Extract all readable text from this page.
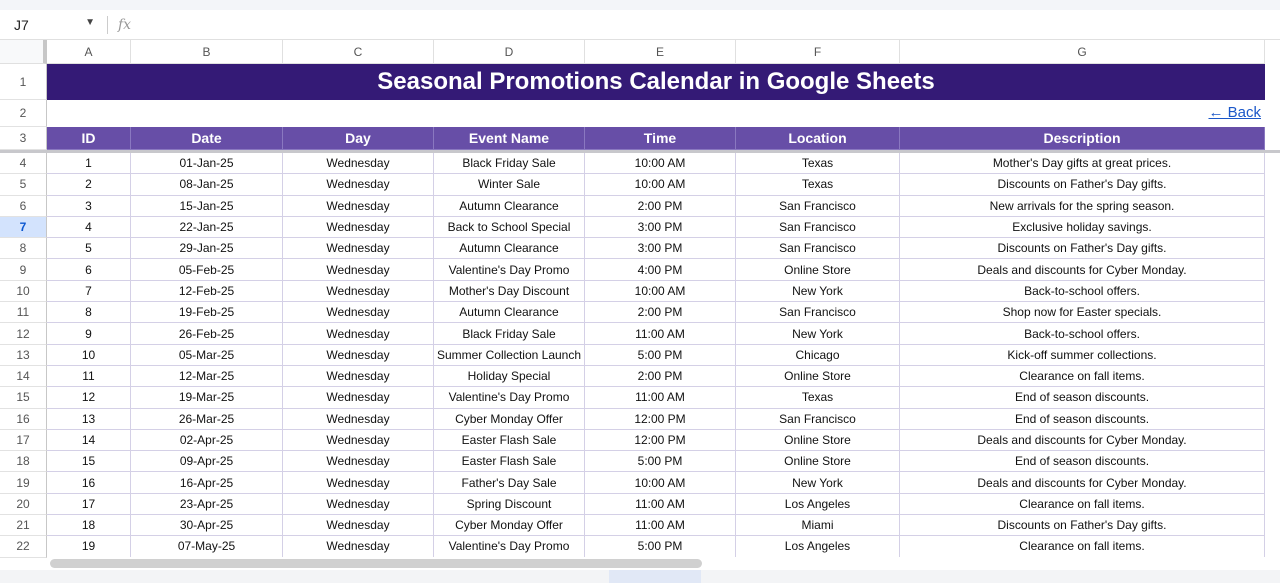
J7	▼ fx
A	B	C	D	E	F	G
1	Seasonal Promotions Calendar in Google Sheets
2	← Back
3	ID	Date	Day	Event Name	Time	Location	Description
4	1	01-Jan-25	Wednesday	Black Friday Sale	10:00 AM	Texas	Mother's Day gifts at great prices.
5	2	08-Jan-25	Wednesday	Winter Sale	10:00 AM	Texas	Discounts on Father's Day gifts.
6	3	15-Jan-25	Wednesday	Autumn Clearance	2:00 PM	San Francisco	New arrivals for the spring season.
7	4	22-Jan-25	Wednesday	Back to School Special	3:00 PM	San Francisco	Exclusive holiday savings.
8	5	29-Jan-25	Wednesday	Autumn Clearance	3:00 PM	San Francisco	Discounts on Father's Day gifts.
9	6	05-Feb-25	Wednesday	Valentine's Day Promo	4:00 PM	Online Store	Deals and discounts for Cyber Monday.
10	7	12-Feb-25	Wednesday	Mother's Day Discount	10:00 AM	New York	Back-to-school offers.
11	8	19-Feb-25	Wednesday	Autumn Clearance	2:00 PM	San Francisco	Shop now for Easter specials.
12	9	26-Feb-25	Wednesday	Black Friday Sale	11:00 AM	New York	Back-to-school offers.
13	10	05-Mar-25	Wednesday	Summer Collection Launch	5:00 PM	Chicago	Kick-off summer collections.
14	11	12-Mar-25	Wednesday	Holiday Special	2:00 PM	Online Store	Clearance on fall items.
15	12	19-Mar-25	Wednesday	Valentine's Day Promo	11:00 AM	Texas	End of season discounts.
16	13	26-Mar-25	Wednesday	Cyber Monday Offer	12:00 PM	San Francisco	End of season discounts.
17	14	02-Apr-25	Wednesday	Easter Flash Sale	12:00 PM	Online Store	Deals and discounts for Cyber Monday.
18	15	09-Apr-25	Wednesday	Easter Flash Sale	5:00 PM	Online Store	End of season discounts.
19	16	16-Apr-25	Wednesday	Father's Day Sale	10:00 AM	New York	Deals and discounts for Cyber Monday.
20	17	23-Apr-25	Wednesday	Spring Discount	11:00 AM	Los Angeles	Clearance on fall items.
21	18	30-Apr-25	Wednesday	Cyber Monday Offer	11:00 AM	Miami	Discounts on Father's Day gifts.
22	19	07-May-25	Wednesday	Valentine's Day Promo	5:00 PM	Los Angeles	Clearance on fall items.
